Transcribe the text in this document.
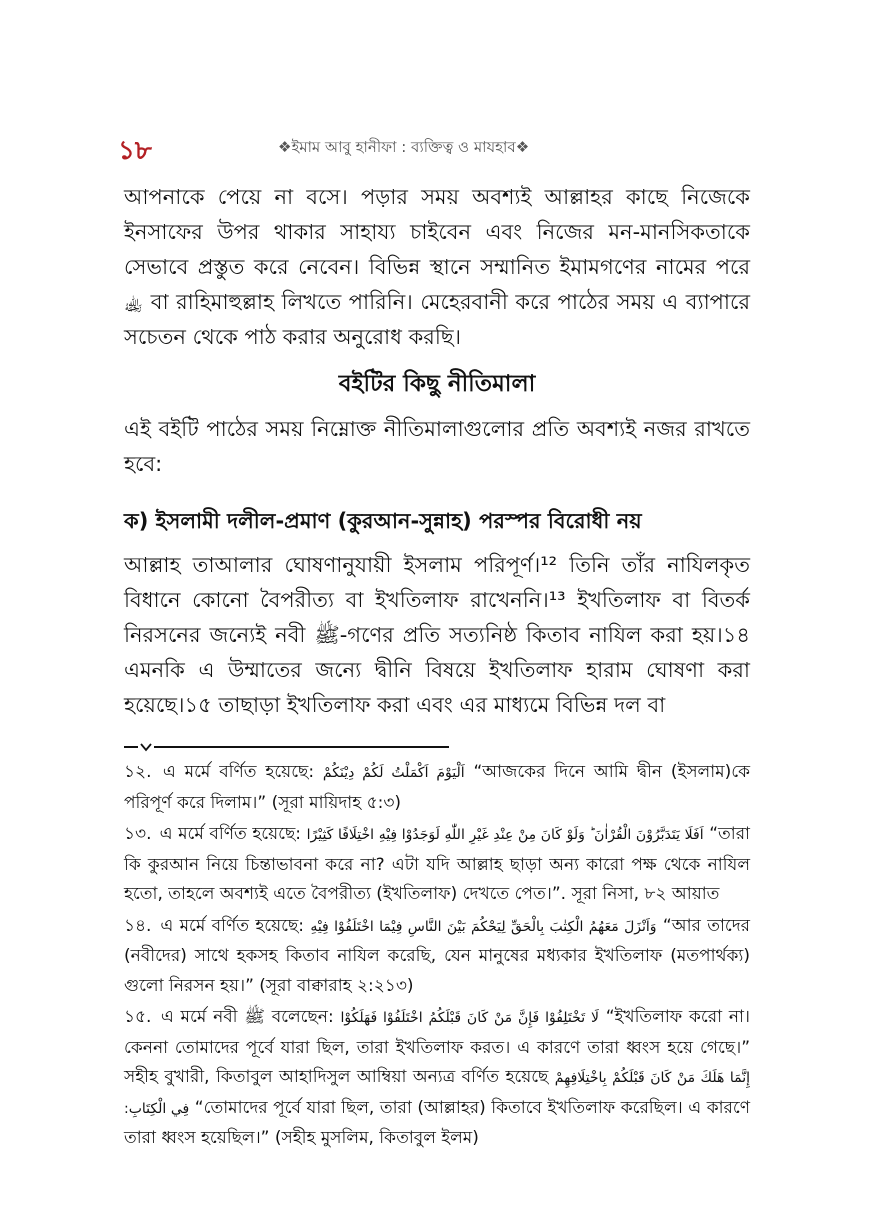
১৮	❖ইমাম আবু হানীফা : ব্যক্তিত্ব ও মাযহাব❖

আপনাকে পেয়ে না বসে। পড়ার সময় অবশ্যই আল্লাহর কাছে নিজেকে ইনসাফের উপর থাকার সাহায্য চাইবেন এবং নিজের মন-মানসিকতাকে সেভাবে প্রস্তুত করে নেবেন। বিভিন্ন স্থানে সম্মানিত ইমামগণের নামের পরে ﵀ বা রাহিমাহুল্লাহ লিখতে পারিনি। মেহেরবানী করে পাঠের সময় এ ব্যাপারে সচেতন থেকে পাঠ করার অনুরোধ করছি।

বইটির কিছু নীতিমালা

এই বইটি পাঠের সময় নিম্নোক্ত নীতিমালাগুলোর প্রতি অবশ্যই নজর রাখতে হবে:

ক) ইসলামী দলীল-প্রমাণ (কুরআন-সুন্নাহ) পরস্পর বিরোধী নয়

আল্লাহ তাআলার ঘোষণানুযায়ী ইসলাম পরিপূর্ণ।¹² তিনি তাঁর নাযিলকৃত বিধানে কোনো বৈপরীত্য বা ইখতিলাফ রাখেননি।¹³ ইখতিলাফ বা বিতর্ক নিরসনের জন্যেই নবী ﷺ-গণের প্রতি সত্যনিষ্ঠ কিতাব নাযিল করা হয়।১৪ এমনকি এ উম্মাতের জন্যে দ্বীনি বিষয়ে ইখতিলাফ হারাম ঘোষণা করা হয়েছে।১৫ তাছাড়া ইখতিলাফ করা এবং এর মাধ্যমে বিভিন্ন দল বা

১২. এ মর্মে বর্ণিত হয়েছে: اَلْيَوْمَ اَكْمَلْتُ لَكُمْ دِيْنَكُمْ “আজকের দিনে আমি দ্বীন (ইসলাম)কে পরিপূর্ণ করে দিলাম।” (সূরা মায়িদাহ ৫:৩)

১৩. এ মর্মে বর্ণিত হয়েছে: اَفَلَا يَتَدَبَّرُوْنَ الْقُرْاٰنَ ؕ وَلَوْ كَانَ مِنْ عِنْدِ غَيْرِ اللّٰهِ لَوَجَدُوْا فِيْهِ اخْتِلَافًا كَثِيْرًا “তারা কি কুরআন নিয়ে চিন্তাভাবনা করে না? এটা যদি আল্লাহ ছাড়া অন্য কারো পক্ষ থেকে নাযিল হতো, তাহলে অবশ্যই এতে বৈপরীত্য (ইখতিলাফ) দেখতে পেত।”. সূরা নিসা, ৮২ আয়াত

১৪. এ মর্মে বর্ণিত হয়েছে: وَاَنْزَلَ مَعَهُمُ الْكِتٰبَ بِالْحَقِّ لِيَحْكُمَ بَيْنَ النَّاسِ فِيْمَا اخْتَلَفُوْا فِيْهِ “আর তাদের (নবীদের) সাথে হকসহ কিতাব নাযিল করেছি, যেন মানুষের মধ্যকার ইখতিলাফ (মতপার্থক্য) গুলো নিরসন হয়।” (সূরা বাক্বারাহ ২:২১৩)

১৫. এ মর্মে নবী ﷺ বলেছেন: لَا تَخْتَلِفُوْا فَإِنَّ مَنْ كَانَ قَبْلَكُمُ اخْتَلَفُوْا فَهَلَكُوْا “ইখতিলাফ করো না। কেননা তোমাদের পূর্বে যারা ছিল, তারা ইখতিলাফ করত। এ কারণে তারা ধ্বংস হয়ে গেছে।” সহীহ বুখারী, কিতাবুল আহাদিসুল আম্বিয়া অন্যত্র বর্ণিত হয়েছে إِنَّمَا هَلَكَ مَنْ كَانَ قَبْلَكُمْ بِاخْتِلَافِهِمْ فِي الْكِتَابِ: “তোমাদের পূর্বে যারা ছিল, তারা (আল্লাহর) কিতাবে ইখতিলাফ করেছিল। এ কারণে তারা ধ্বংস হয়েছিল।” (সহীহ মুসলিম, কিতাবুল ইলম)
